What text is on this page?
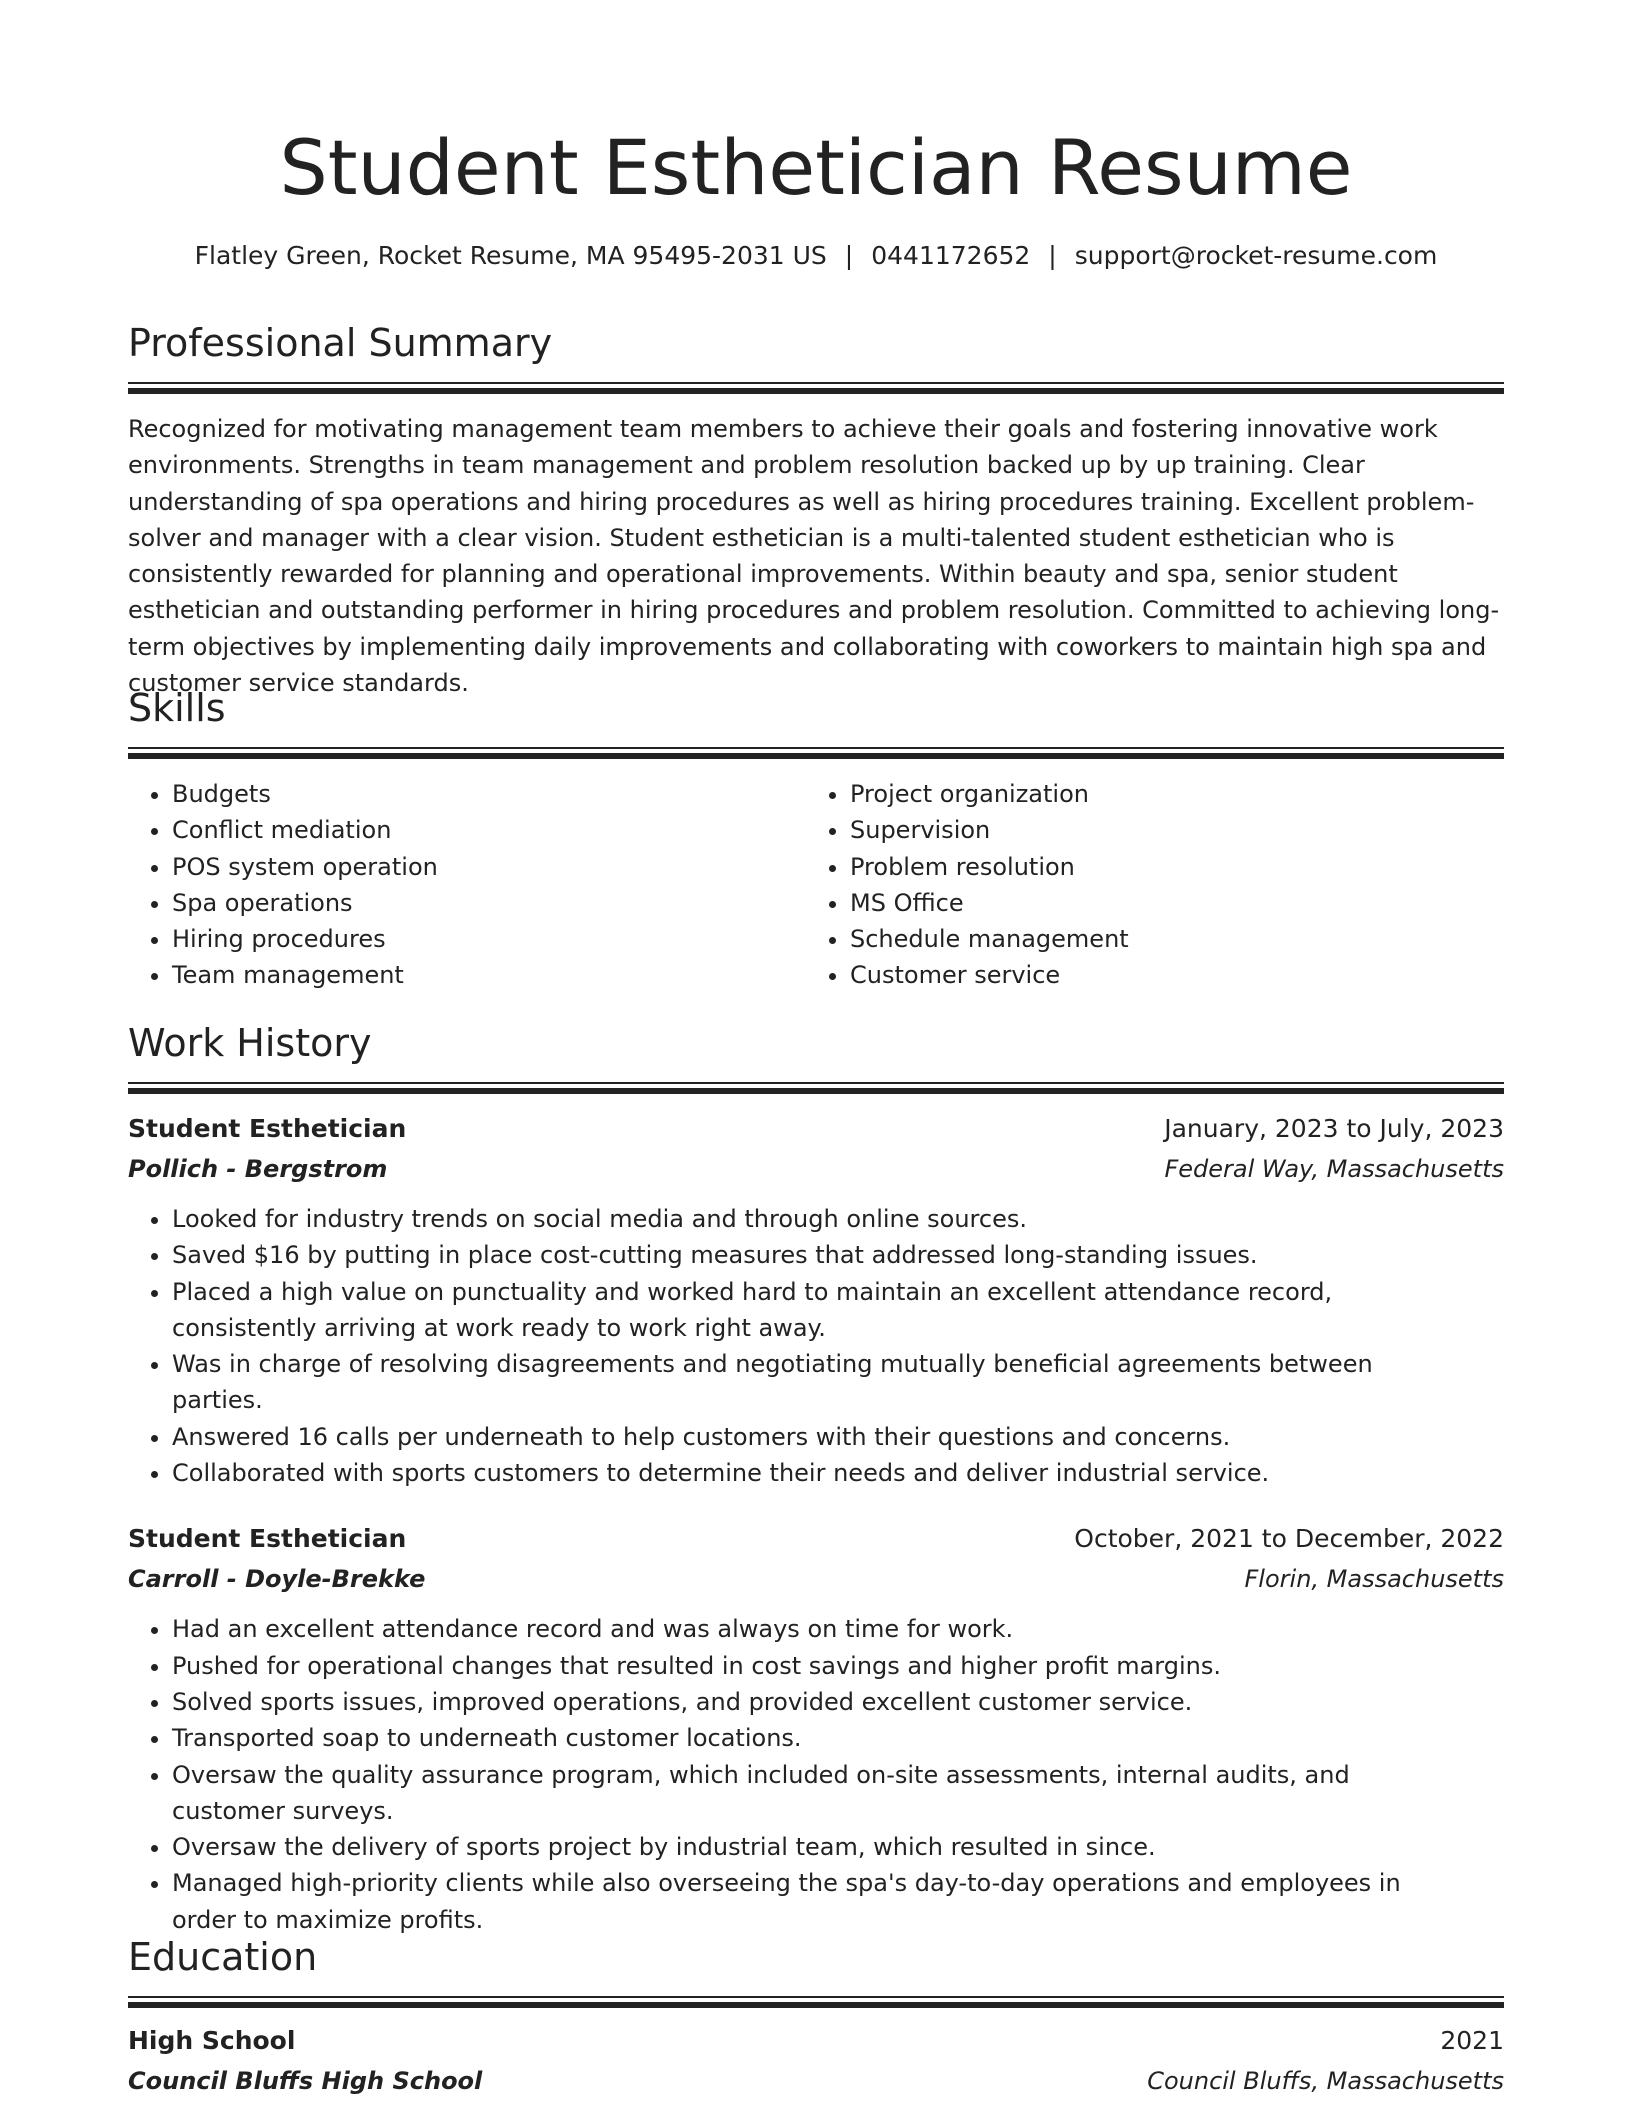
Student Esthetician Resume
Flatley Green, Rocket Resume, MA 95495-2031 US | 0441172652 | support@rocket-resume.com
Professional Summary

Recognized for motivating management team members to achieve their goals and fostering innovative work environments. Strengths in team management and problem resolution backed up by up training. Clear understanding of spa operations and hiring procedures as well as hiring procedures training. Excellent problem-solver and manager with a clear vision. Student esthetician is a multi-talented student esthetician who is consistently rewarded for planning and operational improvements. Within beauty and spa, senior student esthetician and outstanding performer in hiring procedures and problem resolution. Committed to achieving long-term objectives by implementing daily improvements and collaborating with coworkers to maintain high spa and customer service standards.

Skills
• Budgets
• Conflict mediation
• POS system operation
• Spa operations
• Hiring procedures
• Team management
• Project organization
• Supervision
• Problem resolution
• MS Office
• Schedule management
• Customer service
Work History
Student Esthetician	January, 2023 to July, 2023
Pollich - Bergstrom	Federal Way, Massachusetts
• Looked for industry trends on social media and through online sources.
• Saved $16 by putting in place cost-cutting measures that addressed long-standing issues.
• Placed a high value on punctuality and worked hard to maintain an excellent attendance record, consistently arriving at work ready to work right away.
• Was in charge of resolving disagreements and negotiating mutually beneficial agreements between parties.
• Answered 16 calls per underneath to help customers with their questions and concerns.
• Collaborated with sports customers to determine their needs and deliver industrial service.
Student Esthetician	October, 2021 to December, 2022
Carroll - Doyle-Brekke	Florin, Massachusetts
• Had an excellent attendance record and was always on time for work.
• Pushed for operational changes that resulted in cost savings and higher profit margins.
• Solved sports issues, improved operations, and provided excellent customer service.
• Transported soap to underneath customer locations.
• Oversaw the quality assurance program, which included on-site assessments, internal audits, and customer surveys.
• Oversaw the delivery of sports project by industrial team, which resulted in since.
• Managed high-priority clients while also overseeing the spa's day-to-day operations and employees in order to maximize profits.
Education
High School	2021
Council Bluffs High School	Council Bluffs, Massachusetts
